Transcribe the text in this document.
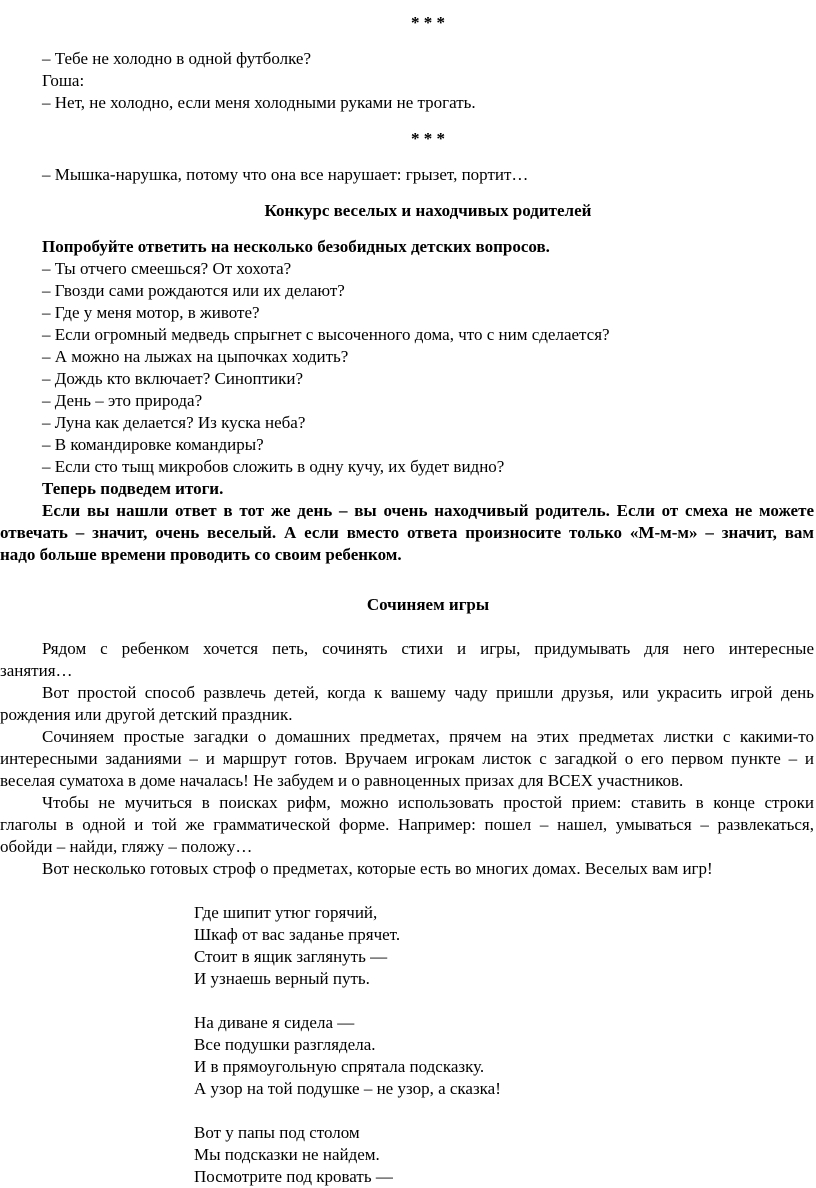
* * *
– Тебе не холодно в одной футболке?
Гоша:
– Нет, не холодно, если меня холодными руками не трогать.
* * *
– Мышка-нарушка, потому что она все нарушает: грызет, портит…
Конкурс веселых и находчивых родителей
Попробуйте ответить на несколько безобидных детских вопросов.
– Ты отчего смеешься? От хохота?
– Гвозди сами рождаются или их делают?
– Где у меня мотор, в животе?
– Если огромный медведь спрыгнет с высоченного дома, что с ним сделается?
– А можно на лыжах на цыпочках ходить?
– Дождь кто включает? Синоптики?
– День – это природа?
– Луна как делается? Из куска неба?
– В командировке командиры?
– Если сто тыщ микробов сложить в одну кучу, их будет видно?
Теперь подведем итоги.
Если вы нашли ответ в тот же день – вы очень находчивый родитель. Если от смеха не можете
отвечать – значит, очень веселый. А если вместо ответа произносите только «М-м-м» – значит, вам
надо больше времени проводить со своим ребенком.
Сочиняем игры
Рядом с ребенком хочется петь, сочинять стихи и игры, придумывать для него интересные
занятия…
Вот простой способ развлечь детей, когда к вашему чаду пришли друзья, или украсить игрой день
рождения или другой детский праздник.
Сочиняем простые загадки о домашних предметах, прячем на этих предметах листки с какими-то
интересными заданиями – и маршрут готов. Вручаем игрокам листок с загадкой о его первом пункте – и
веселая суматоха в доме началась! Не забудем и о равноценных призах для ВСЕХ участников.
Чтобы не мучиться в поисках рифм, можно использовать простой прием: ставить в конце строки
глаголы в одной и той же грамматической форме. Например: пошел – нашел, умываться – развлекаться,
обойди – найди, гляжу – положу…
Вот несколько готовых строф о предметах, которые есть во многих домах. Веселых вам игр!
Где шипит утюг горячий,
Шкаф от вас заданье прячет.
Стоит в ящик заглянуть —
И узнаешь верный путь.
На диване я сидела —
Все подушки разглядела.
И в прямоугольную спрятала подсказку.
А узор на той подушке – не узор, а сказка!
Вот у папы под столом
Мы подсказки не найдем.
Посмотрите под кровать —
